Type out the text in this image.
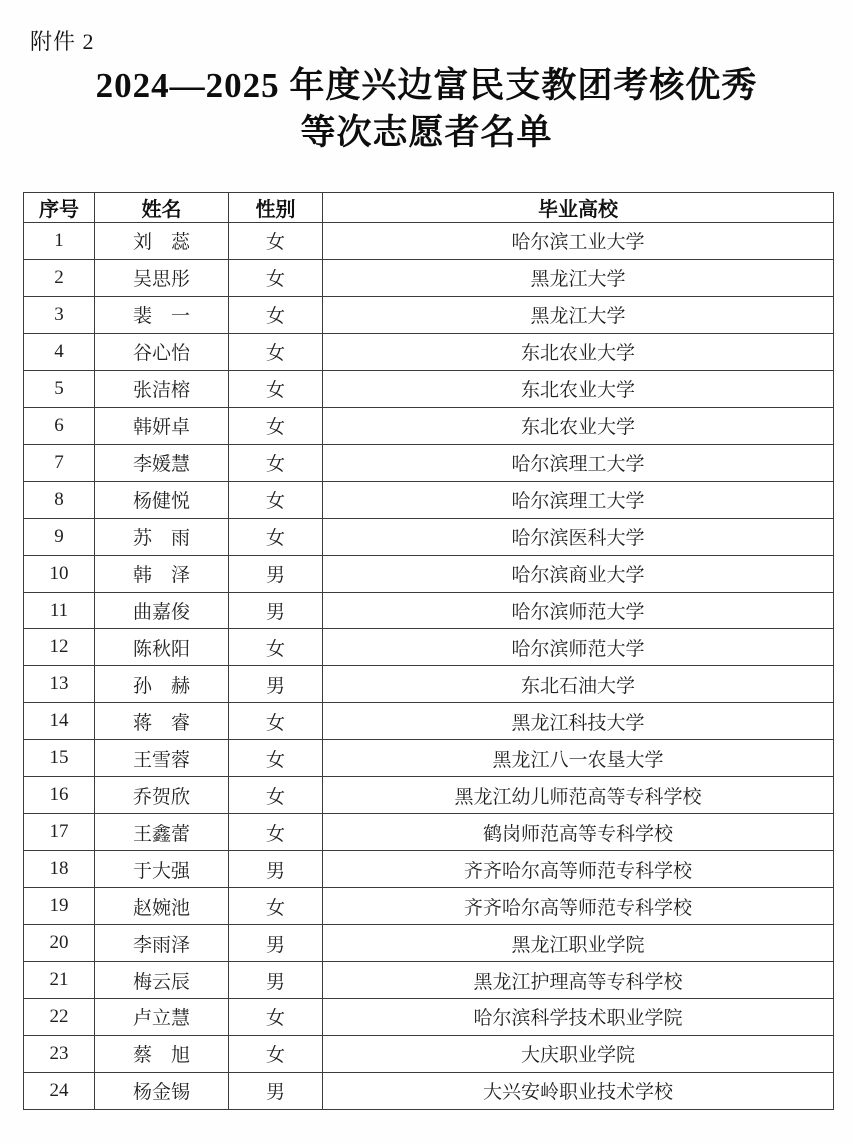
附件 2
2024—2025 年度兴边富民支教团考核优秀
等次志愿者名单
序号	姓名	性别	毕业高校
1	刘　蕊	女	哈尔滨工业大学
2	吴思彤	女	黑龙江大学
3	裴　一	女	黑龙江大学
4	谷心怡	女	东北农业大学
5	张洁榕	女	东北农业大学
6	韩妍卓	女	东北农业大学
7	李媛慧	女	哈尔滨理工大学
8	杨健悦	女	哈尔滨理工大学
9	苏　雨	女	哈尔滨医科大学
10	韩　泽	男	哈尔滨商业大学
11	曲嘉俊	男	哈尔滨师范大学
12	陈秋阳	女	哈尔滨师范大学
13	孙　赫	男	东北石油大学
14	蒋　睿	女	黑龙江科技大学
15	王雪蓉	女	黑龙江八一农垦大学
16	乔贺欣	女	黑龙江幼儿师范高等专科学校
17	王鑫蕾	女	鹤岗师范高等专科学校
18	于大强	男	齐齐哈尔高等师范专科学校
19	赵婉池	女	齐齐哈尔高等师范专科学校
20	李雨泽	男	黑龙江职业学院
21	梅云辰	男	黑龙江护理高等专科学校
22	卢立慧	女	哈尔滨科学技术职业学院
23	蔡　旭	女	大庆职业学院
24	杨金锡	男	大兴安岭职业技术学校
